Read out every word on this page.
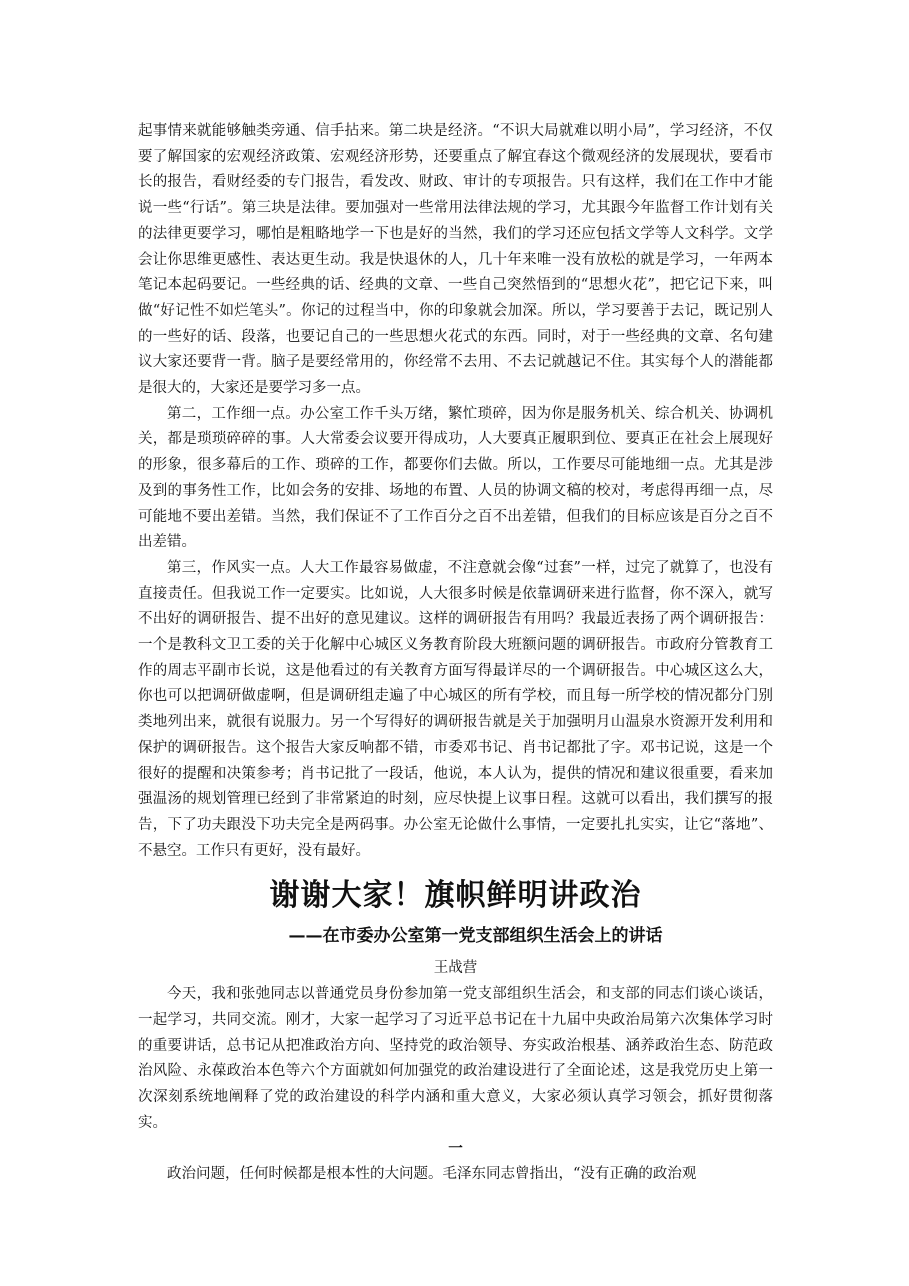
起事情来就能够触类旁通、信手拈来。第二块是经济。“不识大局就难以明小局”，学习经济，不仅要了解国家的宏观经济政策、宏观经济形势，还要重点了解宜春这个微观经济的发展现状，要看市长的报告，看财经委的专门报告，看发改、财政、审计的专项报告。只有这样，我们在工作中才能说一些“行话”。第三块是法律。要加强对一些常用法律法规的学习，尤其跟今年监督工作计划有关的法律更要学习，哪怕是粗略地学一下也是好的当然，我们的学习还应包括文学等人文科学。文学会让你思维更感性、表达更生动。我是快退休的人，几十年来唯一没有放松的就是学习，一年两本笔记本起码要记。一些经典的话、经典的文章、一些自己突然悟到的“思想火花”，把它记下来，叫做“好记性不如烂笔头”。你记的过程当中，你的印象就会加深。所以，学习要善于去记，既记别人的一些好的话、段落，也要记自己的一些思想火花式的东西。同时，对于一些经典的文章、名句建议大家还要背一背。脑子是要经常用的，你经常不去用、不去记就越记不住。其实每个人的潜能都是很大的，大家还是要学习多一点。

第二，工作细一点。办公室工作千头万绪，繁忙琐碎，因为你是服务机关、综合机关、协调机关，都是琐琐碎碎的事。人大常委会议要开得成功，人大要真正履职到位、要真正在社会上展现好的形象，很多幕后的工作、琐碎的工作，都要你们去做。所以，工作要尽可能地细一点。尤其是涉及到的事务性工作，比如会务的安排、场地的布置、人员的协调文稿的校对，考虑得再细一点，尽可能地不要出差错。当然，我们保证不了工作百分之百不出差错，但我们的目标应该是百分之百不出差错。

第三，作风实一点。人大工作最容易做虚，不注意就会像“过套”一样，过完了就算了，也没有直接责任。但我说工作一定要实。比如说，人大很多时候是依靠调研来进行监督，你不深入，就写不出好的调研报告、提不出好的意见建议。这样的调研报告有用吗？我最近表扬了两个调研报告：一个是教科文卫工委的关于化解中心城区义务教育阶段大班额问题的调研报告。市政府分管教育工作的周志平副市长说，这是他看过的有关教育方面写得最详尽的一个调研报告。中心城区这么大，你也可以把调研做虚啊，但是调研组走遍了中心城区的所有学校，而且每一所学校的情况都分门别类地列出来，就很有说服力。另一个写得好的调研报告就是关于加强明月山温泉水资源开发利用和保护的调研报告。这个报告大家反响都不错，市委邓书记、肖书记都批了字。邓书记说，这是一个很好的提醒和决策参考；肖书记批了一段话，他说，本人认为，提供的情况和建议很重要，看来加强温汤的规划管理已经到了非常紧迫的时刻，应尽快提上议事日程。这就可以看出，我们撰写的报告，下了功夫跟没下功夫完全是两码事。办公室无论做什么事情，一定要扎扎实实，让它“落地”、不悬空。工作只有更好，没有最好。

谢谢大家！旗帜鲜明讲政治
——在市委办公室第一党支部组织生活会上的讲话
王战营

今天，我和张弛同志以普通党员身份参加第一党支部组织生活会，和支部的同志们谈心谈话，一起学习，共同交流。刚才，大家一起学习了习近平总书记在十九届中央政治局第六次集体学习时的重要讲话，总书记从把准政治方向、坚持党的政治领导、夯实政治根基、涵养政治生态、防范政治风险、永葆政治本色等六个方面就如何加强党的政治建设进行了全面论述，这是我党历史上第一次深刻系统地阐释了党的政治建设的科学内涵和重大意义，大家必须认真学习领会，抓好贯彻落实。

一

政治问题，任何时候都是根本性的大问题。毛泽东同志曾指出，“没有正确的政治观
